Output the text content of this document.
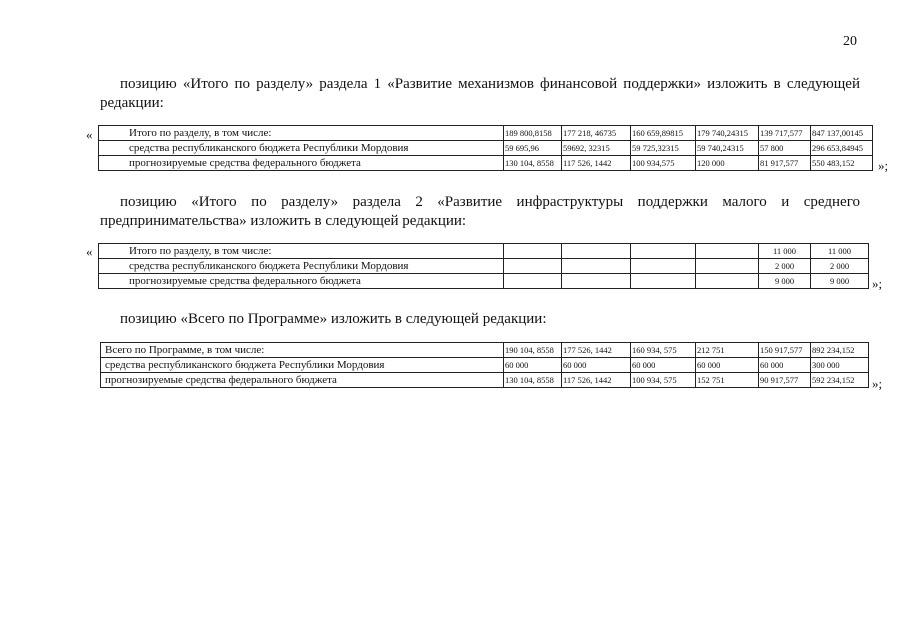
20

позицию «Итого по разделу» раздела 1 «Развитие механизмов финансовой поддержки» изложить в следующей редакции:

«	Итого по разделу, в том числе:	189 800,8158	177 218, 46735	160 659,89815	179 740,24315	139 717,577	847 137,00145
средства республиканского бюджета Республики Мордовия	59 695,96	59692, 32315	59 725,32315	59 740,24315	57 800	296 653,84945
прогнозируемые средства федерального бюджета	130 104, 8558	117 526, 1442	100 934,575	120 000	81 917,577	550 483,152 »;

позицию «Итого по разделу» раздела 2 «Развитие инфраструктуры поддержки малого и среднего предпринимательства» изложить в следующей редакции:

«	Итого по разделу, в том числе:					11 000	11 000
средства республиканского бюджета Республики Мордовия					2 000	2 000
прогнозируемые средства федерального бюджета					9 000	9 000 »;

позицию «Всего по Программе» изложить в следующей редакции:

Всего по Программе, в том числе:	190 104, 8558	177 526, 1442	160 934, 575	212 751	150 917,577	892 234,152
средства республиканского бюджета Республики Мордовия	60 000	60 000	60 000	60 000	60 000	300 000
прогнозируемые средства федерального бюджета	130 104, 8558	117 526, 1442	100 934, 575	152 751	90 917,577	592 234,152 »;
